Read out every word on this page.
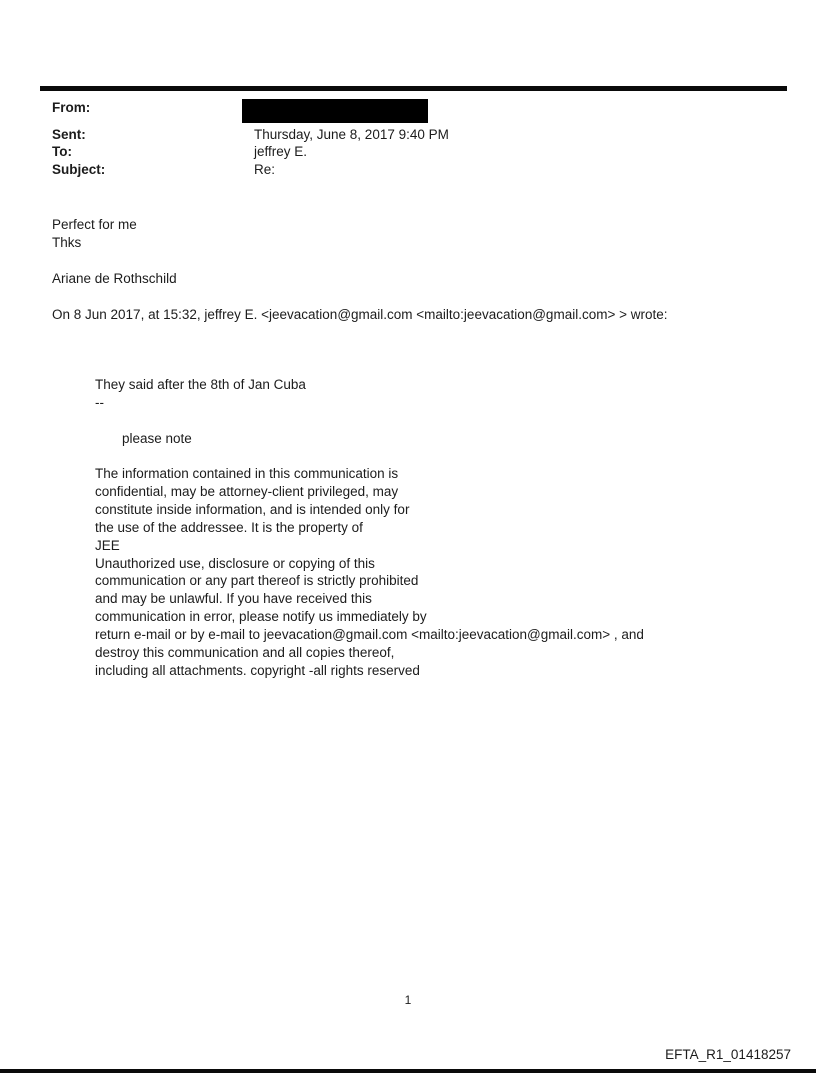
From:
Sent:	Thursday, June 8, 2017 9:40 PM
To:	jeffrey E.
Subject:	Re:
Perfect for me
Thks
Ariane de Rothschild
On 8 Jun 2017, at 15:32, jeffrey E. <jeevacation@gmail.com <mailto:jeevacation@gmail.com> > wrote:
They said after the 8th of Jan Cuba
--
please note
The information contained in this communication is
confidential, may be attorney-client privileged, may
constitute inside information, and is intended only for
the use of the addressee. It is the property of
JEE
Unauthorized use, disclosure or copying of this
communication or any part thereof is strictly prohibited
and may be unlawful. If you have received this
communication in error, please notify us immediately by
return e-mail or by e-mail to jeevacation@gmail.com <mailto:jeevacation@gmail.com> , and
destroy this communication and all copies thereof,
including all attachments. copyright -all rights reserved
1
EFTA_R1_01418257
